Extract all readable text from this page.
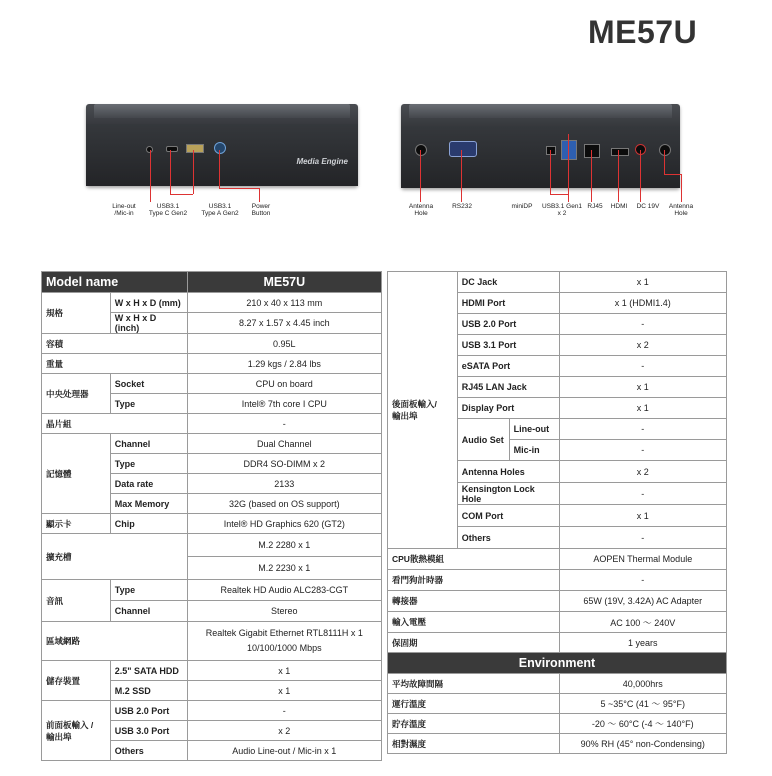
ME57U
Media Engine
Line-out
/Mic-in
USB3.1
Type C Gen2
USB3.1
Type A Gen2
Power
Button
Antenna
Hole
RS232	miniDP	USB3.1 Gen1
x 2
RJ45	HDMI	DC 19V	Antenna
Hole
Model name		ME57U
規格	W x H x D (mm)	210 x 40 x 113 mm
	W x H x D (inch)	8.27 x 1.57 x 4.45 inch
容積		0.95L
重量		1.29 kgs / 2.84 lbs
中央处理器	Socket	CPU on board
	Type	Intel® 7th core I CPU
晶片組		-
記憶體	Channel	Dual Channel
	Type	DDR4 SO-DIMM x 2
	Data rate	2133
	Max Memory	32G (based on OS support)
顯示卡	Chip	Intel® HD Graphics 620 (GT2)
擴充槽		M.2 2280 x 1
		M.2 2230 x 1
音訊	Type	Realtek HD Audio ALC283-CGT
	Channel	Stereo
區域網路		Realtek Gigabit Ethernet RTL8111H x 1
10/100/1000 Mbps

儲存裝置	2.5" SATA HDD	x 1
	M.2 SSD	x 1

前面板輸入 /
輸出埠	USB 2.0 Port	-
	USB 3.0 Port	x 2
	Others	Audio Line-out / Mic-in x 1
後面板輸入/
輸出埠	DC Jack		x 1
	HDMI Port		x 1 (HDMI1.4)
	USB 2.0 Port		-
	USB 3.1 Port		x 2
	eSATA Port		-
	RJ45 LAN Jack		x 1
	Display Port		x 1
	Audio Set	Line-out	-
		Mic-in	-
	Antenna Holes		x 2
	Kensington Lock Hole		-
	COM Port		x 1
	Others		-
CPU散熱模組			AOPEN Thermal Module
看門狗計時器			-
轉接器			65W (19V, 3.42A) AC Adapter
輸入電壓			AC 100 ～ 240V
保固期			1 years
Environment			
平均故障間隔			40,000hrs
運行溫度			5 ~35°C (41 ～ 95°F)
貯存溫度			-20 ～ 60°C (-4 ～ 140°F)
相對濕度			90% RH (45° non-Condensing)
